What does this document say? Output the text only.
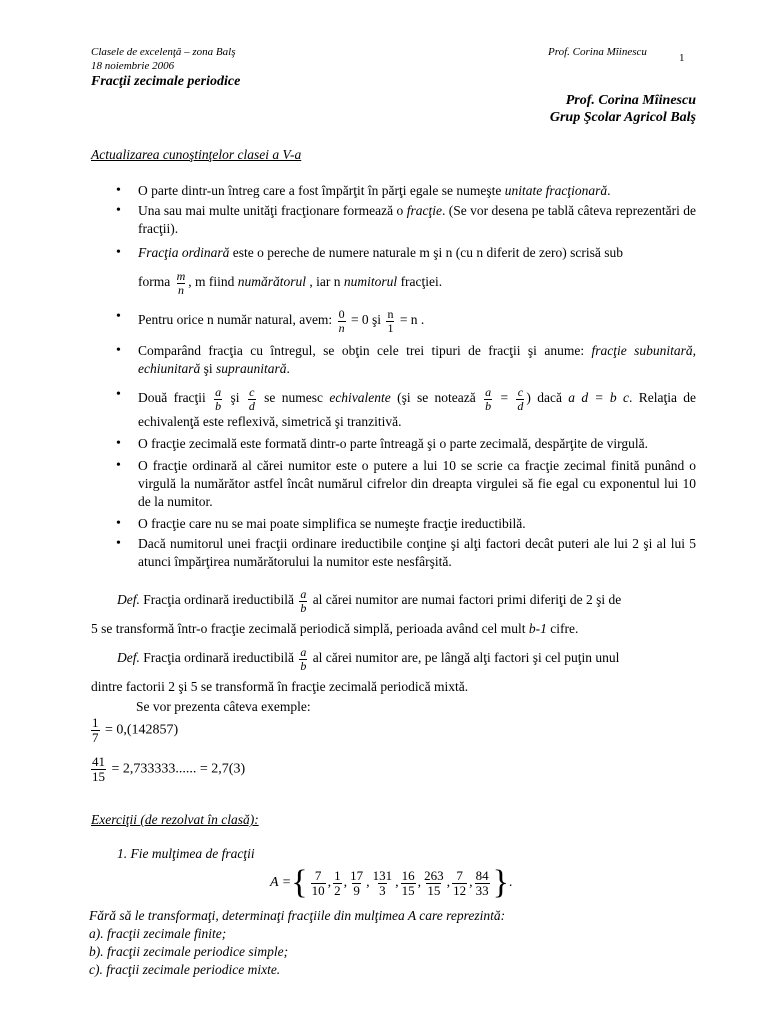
Clasele de excelenţă – zona Balş
18 noiembrie 2006
Prof. Corina Mîinescu	1
Fracţii zecimale periodice
Prof. Corina Mîinescu
Grup Şcolar Agricol Balş
Actualizarea cunoştinţelor clasei a V-a
• O parte dintr-un întreg care a fost împărţit în părţi egale se numeşte unitate fracţionară.
• Una sau mai multe unităţi fracţionare formează o fracţie. (Se vor desena pe tablă câteva reprezentări de fracţii).
• Fracţia ordinară este o pereche de numere naturale m şi n (cu n diferit de zero) scrisă sub
forma $\frac{m}{n}$ , m fiind numărătorul , iar n numitorul fracţiei.
• Pentru orice n număr natural, avem: $\frac{0}{n} = 0$ şi $\frac{n}{1} = n$ .
• Comparând fracţia cu întregul, se obţin cele trei tipuri de fracţii şi anume: fracţie subunitară, echiunitară şi supraunitară.
• Două fracţii $\frac{a}{b}$ şi $\frac{c}{d}$ se numesc echivalente (şi se notează $\frac{a}{b} = \frac{c}{d}$ ) dacă a d = b c. Relaţia de echivalenţă este reflexivă, simetrică şi tranzitivă.
• O fracţie zecimală este formată dintr-o parte întreagă şi o parte zecimală, despărţite de virgulă.
• O fracţie ordinară al cărei numitor este o putere a lui 10 se scrie ca fracţie zecimal finită punând o virgulă la numărător astfel încât numărul cifrelor din dreapta virgulei să fie egal cu exponentul lui 10 de la numitor.
• O fracţie care nu se mai poate simplifica se numeşte fracţie ireductibilă.
• Dacă numitorul unei fracţii ordinare ireductibile conţine şi alţi factori decât puteri ale lui 2 şi al lui 5 atunci împărţirea numărătorului la numitor este nesfârşită.
Def. Fracţia ordinară ireductibilă $\frac{a}{b}$ al cărei numitor are numai factori primi diferiţi de 2 şi de
5 se transformă într-o fracţie zecimală periodică simplă, perioada având cel mult b-1 cifre.
Def. Fracţia ordinară ireductibilă $\frac{a}{b}$ al cărei numitor are, pe lângă alţi factori şi cel puţin unul
dintre factorii 2 şi 5 se transformă în fracţie zecimală periodică mixtă.
Se vor prezenta câteva exemple:
$\frac{1}{7} = 0,(142857)$
$\frac{41}{15} = 2,733333$...... = 2,7(3)
Exerciţii (de rezolvat în clasă):
1. Fie mulţimea de fracţii
A = { $\frac{7}{10}$ , $\frac{1}{2}$ , $\frac{17}{9}$ , $\frac{131}{3}$ , $\frac{16}{15}$ , $\frac{263}{15}$ , $\frac{7}{12}$ , $\frac{84}{33}$ } .
Fără să le transformaţi, determinaţi fracţiile din mulţimea A care reprezintă:
a). fracţii zecimale finite;
b). fracţii zecimale periodice simple;
c). fracţii zecimale periodice mixte.
